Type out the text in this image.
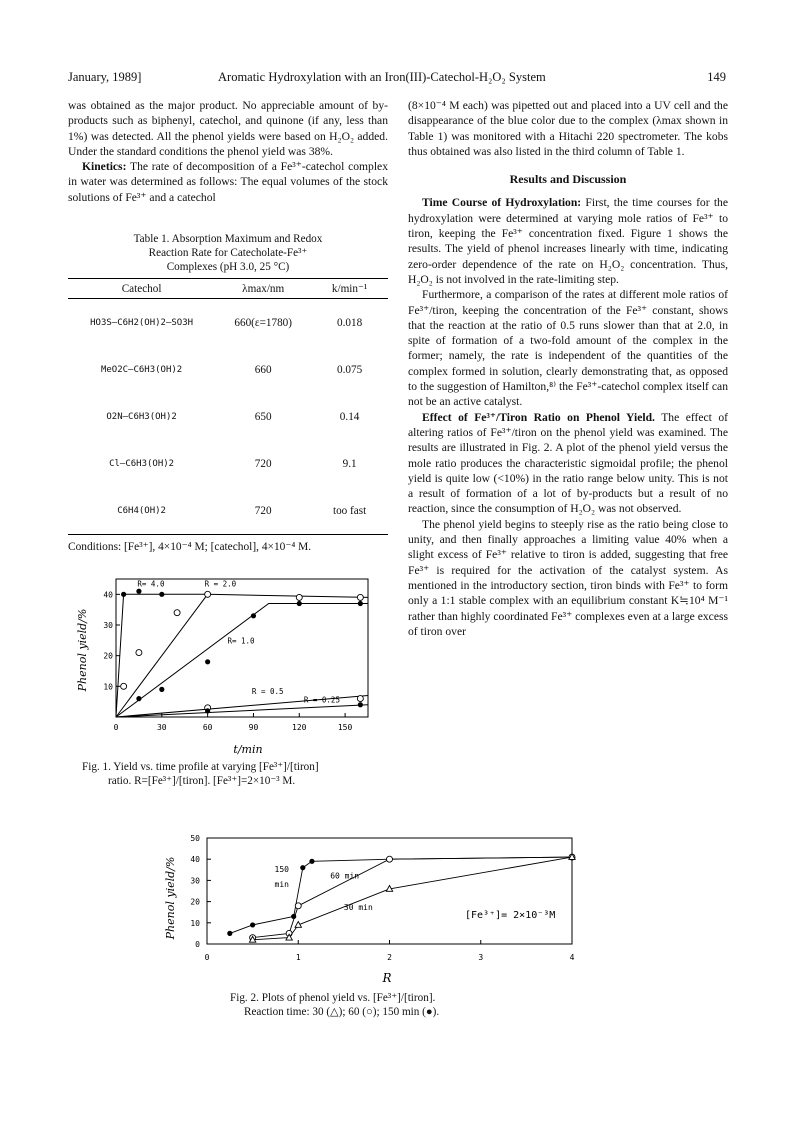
January, 1989]	Aromatic Hydroxylation with an Iron(III)-Catechol-H₂O₂ System	149

was obtained as the major product. No appreciable amount of by-products such as biphenyl, catechol, and quinone (if any, less than 1%) was detected. All the phenol yields were based on H₂O₂ added. Under the standard conditions the phenol yield was 38%.

Kinetics: The rate of decomposition of a Fe³⁺-catechol complex in water was determined as follows: The equal volumes of the stock solutions of Fe³⁺ and a catechol

Table 1. Absorption Maximum and Redox
Reaction Rate for Catecholate-Fe³⁺
Complexes (pH 3.0, 25 °C)
Catechol	λmax/nm	k/min⁻¹
HO3S–C6H2(OH)2–SO3H	660(ε=1780)	0.018
MeO2C–C6H3(OH)2	660	0.075
O2N–C6H3(OH)2	650	0.14
Cl–C6H3(OH)2	720	9.1
C6H4(OH)2	720	too fast
Conditions: [Fe³⁺], 4×10⁻⁴ M; [catechol], 4×10⁻⁴ M.
0	30	60	90	120	150
10
20
30
40
R= 4.0	R = 2.0
R= 1.0
R = 0.5
R = 0.25
Phenol yield/%
t/min
Fig. 1. Yield vs. time profile at varying [Fe³⁺]/[tiron]
ratio. R=[Fe³⁺]/[tiron]. [Fe³⁺]=2×10⁻³ M.

(8×10⁻⁴ M each) was pipetted out and placed into a UV cell and the disappearance of the blue color due to the complex (λmax shown in Table 1) was monitored with a Hitachi 220 spectrometer. The kobs thus obtained was also listed in the third column of Table 1.

Results and Discussion

Time Course of Hydroxylation: First, the time courses for the hydroxylation were determined at varying mole ratios of Fe³⁺ to tiron, keeping the Fe³⁺ concentration fixed. Figure 1 shows the results. The yield of phenol increases linearly with time, indicating zero-order dependence of the rate on H₂O₂ concentration. Thus, H₂O₂ is not involved in the rate-limiting step.

Furthermore, a comparison of the rates at different mole ratios of Fe³⁺/tiron, keeping the concentration of the Fe³⁺ constant, shows that the reaction at the ratio of 0.5 runs slower than that at 2.0, in spite of formation of a two-fold amount of the complex in the former; namely, the rate is independent of the quantities of the complex formed in solution, clearly demonstrating that, as opposed to the suggestion of Hamilton,⁸⁾ the Fe³⁺-catechol complex itself can not be an active catalyst.

Effect of Fe³⁺/Tiron Ratio on Phenol Yield. The effect of altering ratios of Fe³⁺/tiron on the phenol yield was examined. The results are illustrated in Fig. 2. A plot of the phenol yield versus the mole ratio produces the characteristic sigmoidal profile; the phenol yield is quite low (<10%) in the ratio range below unity. This is not a result of formation of a lot of by-products but a result of no reaction, since the consumption of H₂O₂ was not observed.

The phenol yield begins to steeply rise as the ratio being close to unity, and then finally approaches a limiting value 40% when a slight excess of Fe³⁺ relative to tiron is added, suggesting that free Fe³⁺ is required for the activation of the catalyst system. As mentioned in the introductory section, tiron binds with Fe³⁺ to form only a 1:1 stable complex with an equilibrium constant K≒10⁴ M⁻¹ rather than highly coordinated Fe³⁺ complexes even at a large excess of tiron over

0	1	2	3	4
0
10
20
30
40
50
150
min
60 min
30 min
Phenol yield/%
R
[Fe³⁺]= 2×10⁻³M
Fig. 2. Plots of phenol yield vs. [Fe³⁺]/[tiron].
Reaction time: 30 (△); 60 (○); 150 min (●).
